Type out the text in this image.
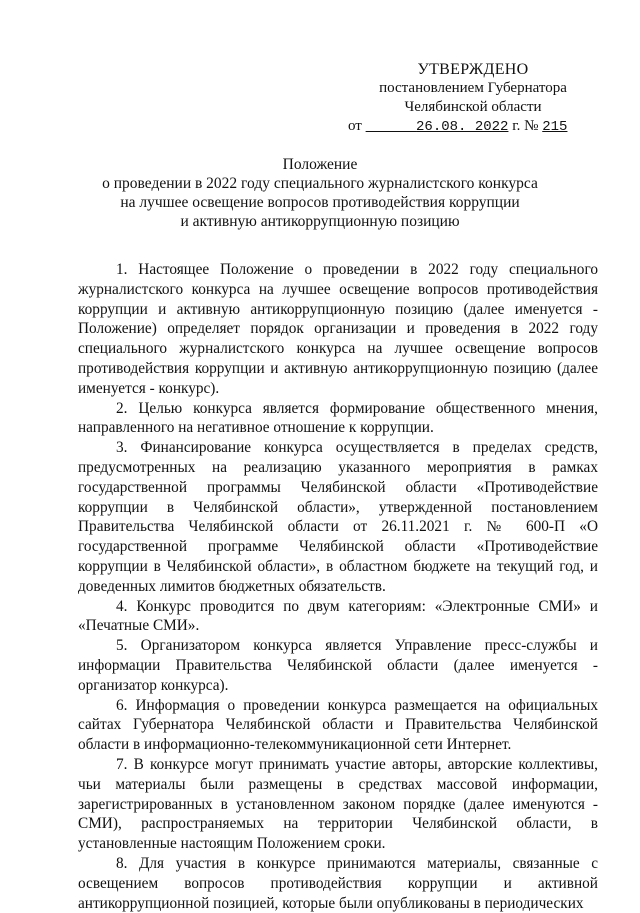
УТВЕРЖДЕНО
постановлением Губернатора
Челябинской области
от	26.08. 2022 г. № 215
Положение
о проведении в 2022 году специального журналистского конкурса
на лучшее освещение вопросов противодействия коррупции
и активную антикоррупционную позицию

1. Настоящее Положение о проведении в 2022 году специального журналистского конкурса на лучшее освещение вопросов противодействия коррупции и активную антикоррупционную позицию (далее именуется - Положение) определяет порядок организации и проведения в 2022 году специального журналистского конкурса на лучшее освещение вопросов противодействия коррупции и активную антикоррупционную позицию (далее именуется - конкурс).

2. Целью конкурса является формирование общественного мнения, направленного на негативное отношение к коррупции.

3. Финансирование конкурса осуществляется в пределах средств, предусмотренных на реализацию указанного мероприятия в рамках государственной программы Челябинской области «Противодействие коррупции в Челябинской области», утвержденной постановлением Правительства Челябинской области от 26.11.2021 г. № 600-П «О государственной программе Челябинской области «Противодействие коррупции в Челябинской области», в областном бюджете на текущий год, и доведенных лимитов бюджетных обязательств.

4. Конкурс проводится по двум категориям: «Электронные СМИ» и «Печатные СМИ».

5. Организатором конкурса является Управление пресс-службы и информации Правительства Челябинской области (далее именуется - организатор конкурса).

6. Информация о проведении конкурса размещается на официальных сайтах Губернатора Челябинской области и Правительства Челябинской области в информационно-телекоммуникационной сети Интернет.

7. В конкурсе могут принимать участие авторы, авторские коллективы, чьи материалы были размещены в средствах массовой информации, зарегистрированных в установленном законом порядке (далее именуются - СМИ), распространяемых на территории Челябинской области, в установленные настоящим Положением сроки.

8. Для участия в конкурсе принимаются материалы, связанные с освещением вопросов противодействия коррупции и активной антикоррупционной позицией, которые были опубликованы в периодических
